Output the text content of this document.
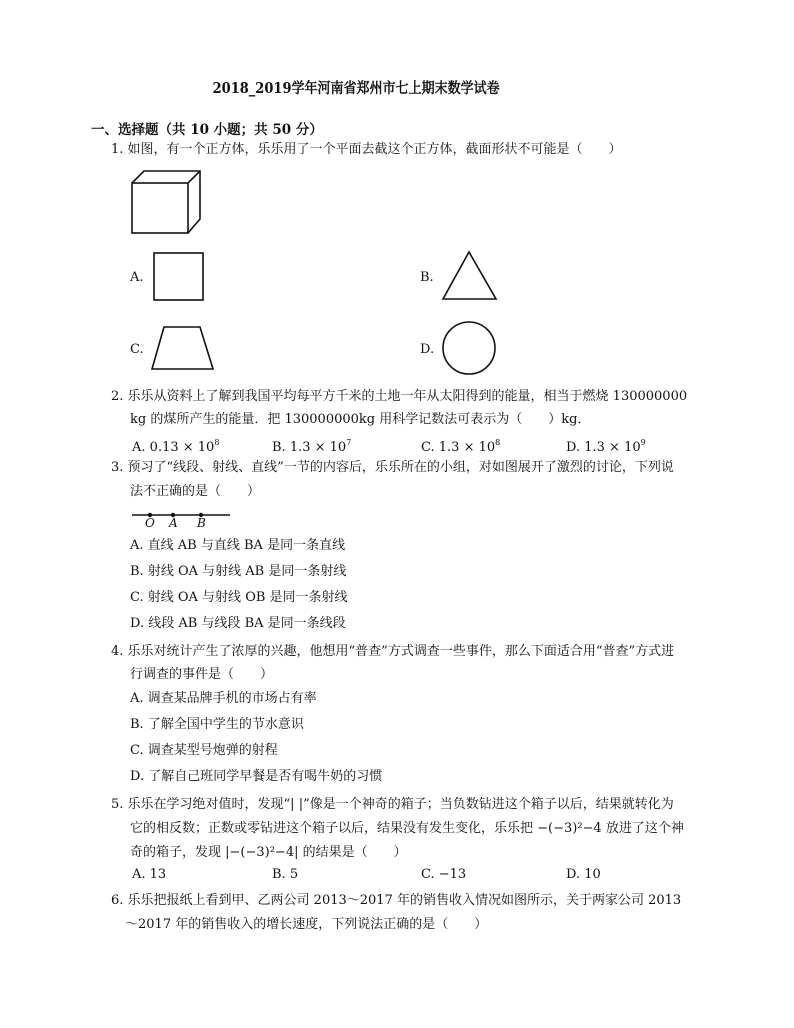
2018_2019学年河南省郑州市七上期末数学试卷
一、选择题（共 10 小题；共 50 分）
1. 如图，有一个正方体，乐乐用了一个平面去截这个正方体，截面形状不可能是（　　）
A.	B.
C.	D.
2. 乐乐从资料上了解到我国平均每平方千米的土地一年从太阳得到的能量，相当于燃烧 130000000
kg 的煤所产生的能量．把 130000000kg 用科学记数法可表示为（　　）kg．
A. $0.13 \times 10^8$	B. $1.3 \times 10^7$	C. $1.3 \times 10^8$	D. $1.3 \times 10^9$
3. 预习了“线段、射线、直线”一节的内容后，乐乐所在的小组，对如图展开了激烈的讨论，下列说
法不正确的是（　　）
O A B
A. 直线 AB 与直线 BA 是同一条直线
B. 射线 OA 与射线 AB 是同一条射线
C. 射线 OA 与射线 OB 是同一条射线
D. 线段 AB 与线段 BA 是同一条线段
4. 乐乐对统计产生了浓厚的兴趣，他想用“普查”方式调查一些事件，那么下面适合用“普查”方式进
行调查的事件是（　　）
A. 调查某品牌手机的市场占有率
B. 了解全国中学生的节水意识
C. 调查某型号炮弹的射程
D. 了解自己班同学早餐是否有喝牛奶的习惯
5. 乐乐在学习绝对值时，发现“| |”像是一个神奇的箱子；当负数钻进这个箱子以后，结果就转化为
它的相反数；正数或零钻进这个箱子以后，结果没有发生变化，乐乐把 −(−3)²−4 放进了这个神
奇的箱子，发现 |−(−3)²−4| 的结果是（　　）
A. 13	B. 5	C. −13	D. 10
6. 乐乐把报纸上看到甲、乙两公司 2013～2017 年的销售收入情况如图所示，关于两家公司 2013
～2017 年的销售收入的增长速度，下列说法正确的是（　　）
